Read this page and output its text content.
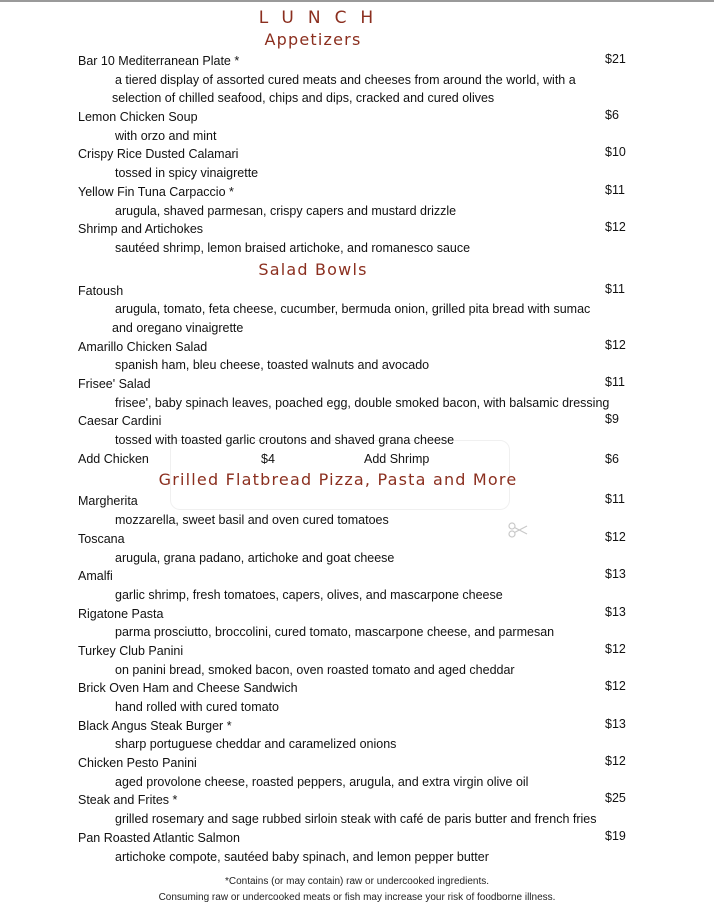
LUNCH
Appetizers
Bar 10 Mediterranean Plate *	$21
a tiered display of assorted cured meats and cheeses from around the world, with a
selection of chilled seafood, chips and dips, cracked and cured olives
Lemon Chicken Soup	$6
with orzo and mint
Crispy Rice Dusted Calamari	$10
tossed in spicy vinaigrette
Yellow Fin Tuna Carpaccio *	$11
arugula, shaved parmesan, crispy capers and mustard drizzle
Shrimp and Artichokes	$12
sautéed shrimp, lemon braised artichoke, and romanesco sauce
Salad Bowls
Fatoush	$11
arugula, tomato, feta cheese, cucumber, bermuda onion, grilled pita bread with sumac
and oregano vinaigrette
Amarillo Chicken Salad	$12
spanish ham, bleu cheese, toasted walnuts and avocado
Frisee' Salad	$11
frisee', baby spinach leaves, poached egg, double smoked bacon, with balsamic dressing
Caesar Cardini	$9
tossed with toasted garlic croutons and shaved grana cheese
Add Chicken	$4	Add Shrimp	$6
Grilled Flatbread Pizza, Pasta and More
Margherita	$11
mozzarella, sweet basil and oven cured tomatoes
Toscana	$12
arugula, grana padano, artichoke and goat cheese
Amalfi	$13
garlic shrimp, fresh tomatoes, capers, olives, and mascarpone cheese
Rigatone Pasta	$13
parma prosciutto, broccolini, cured tomato, mascarpone cheese, and parmesan
Turkey Club Panini	$12
on panini bread, smoked bacon, oven roasted tomato and aged cheddar
Brick Oven Ham and Cheese Sandwich	$12
hand rolled with cured tomato
Black Angus Steak Burger *	$13
sharp portuguese cheddar and caramelized onions
Chicken Pesto Panini	$12
aged provolone cheese, roasted peppers, arugula, and extra virgin olive oil
Steak and Frites *	$25
grilled rosemary and sage rubbed sirloin steak with café de paris butter and french fries
Pan Roasted Atlantic Salmon	$19
artichoke compote, sautéed baby spinach, and lemon pepper butter
*Contains (or may contain) raw or undercooked ingredients.
Consuming raw or undercooked meats or fish may increase your risk of foodborne illness.
